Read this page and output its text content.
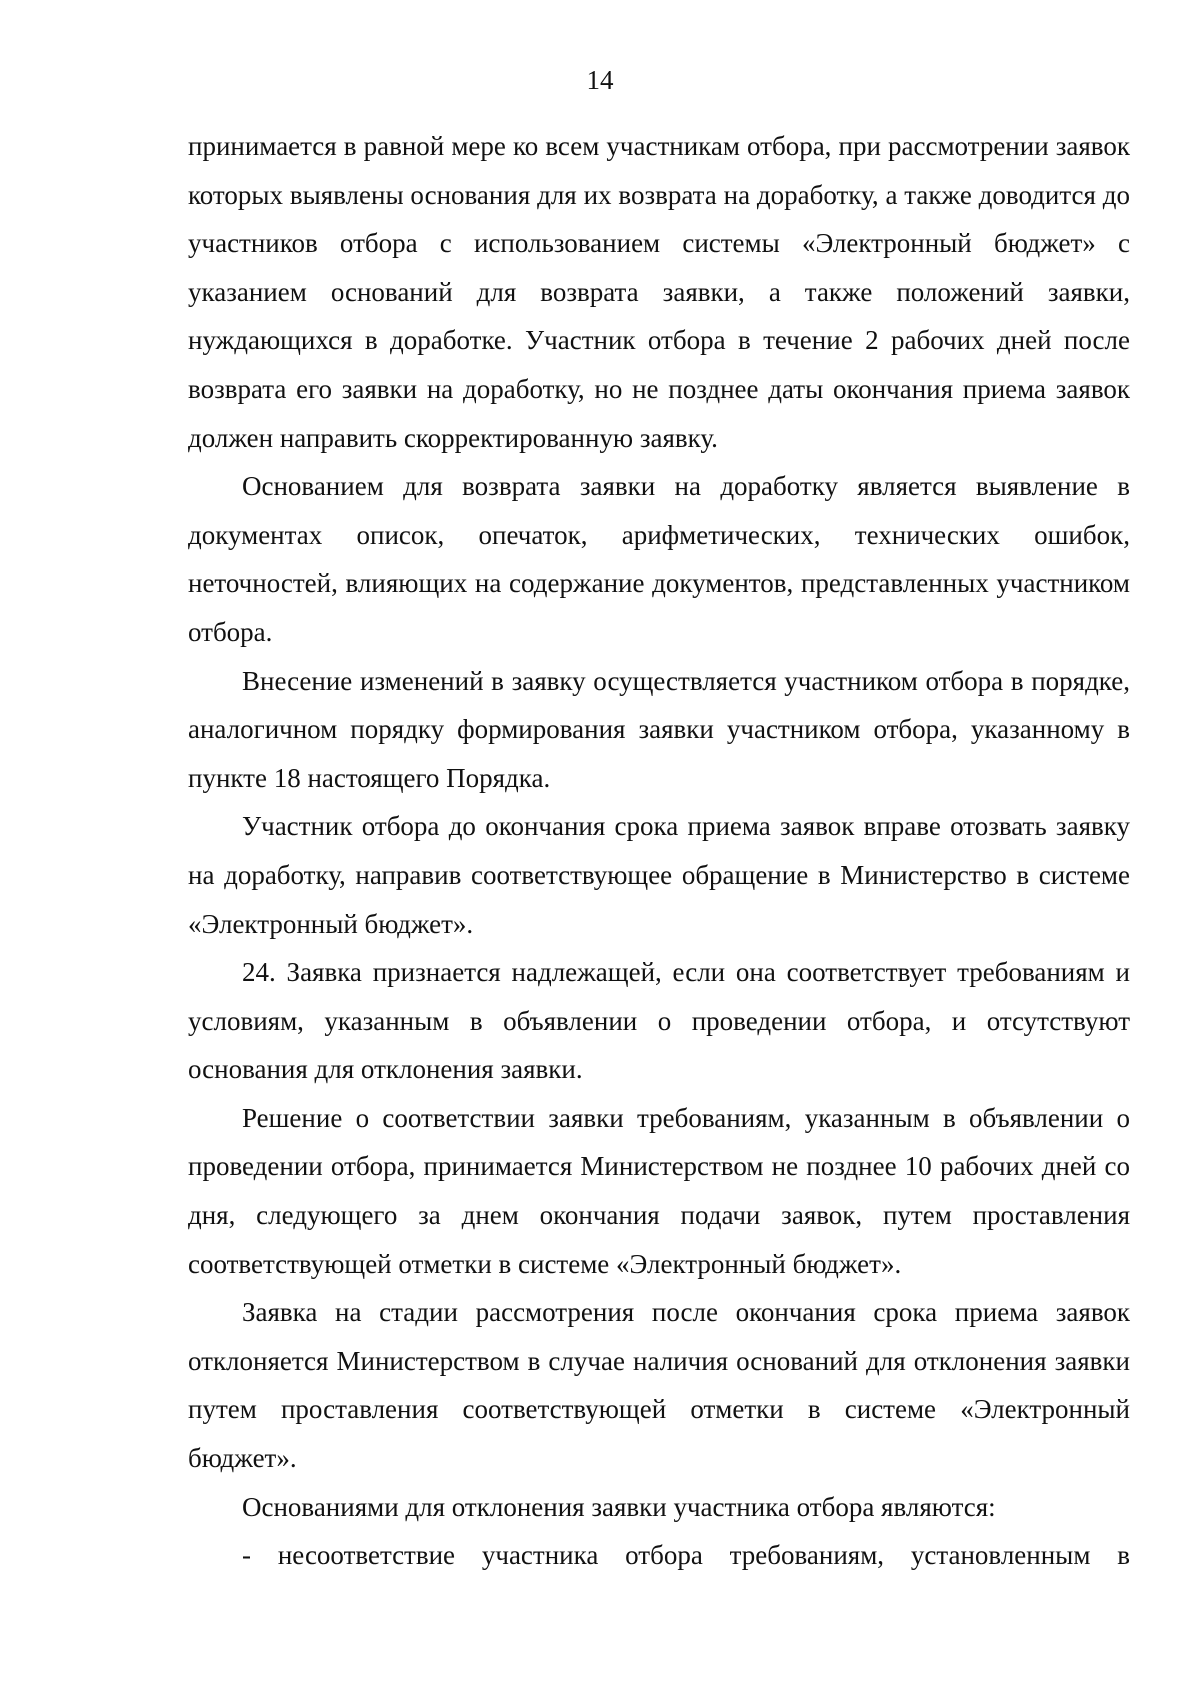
14

принимается в равной мере ко всем участникам отбора, при рассмотрении заявок которых выявлены основания для их возврата на доработку, а также доводится до участников отбора с использованием системы «Электронный бюджет» с указанием оснований для возврата заявки, а также положений заявки, нуждающихся в доработке. Участник отбора в течение 2 рабочих дней после возврата его заявки на доработку, но не позднее даты окончания приема заявок должен направить скорректированную заявку.

Основанием для возврата заявки на доработку является выявление в документах описок, опечаток, арифметических, технических ошибок, неточностей, влияющих на содержание документов, представленных участником отбора.

Внесение изменений в заявку осуществляется участником отбора в порядке, аналогичном порядку формирования заявки участником отбора, указанному в пункте 18 настоящего Порядка.

Участник отбора до окончания срока приема заявок вправе отозвать заявку на доработку, направив соответствующее обращение в Министерство в системе «Электронный бюджет».

24. Заявка признается надлежащей, если она соответствует требованиям и условиям, указанным в объявлении о проведении отбора, и отсутствуют основания для отклонения заявки.

Решение о соответствии заявки требованиям, указанным в объявлении о проведении отбора, принимается Министерством не позднее 10 рабочих дней со дня, следующего за днем окончания подачи заявок, путем проставления соответствующей отметки в системе «Электронный бюджет».

Заявка на стадии рассмотрения после окончания срока приема заявок отклоняется Министерством в случае наличия оснований для отклонения заявки путем проставления соответствующей отметки в системе «Электронный бюджет».

Основаниями для отклонения заявки участника отбора являются:

- несоответствие участника отбора требованиям, установленным в
